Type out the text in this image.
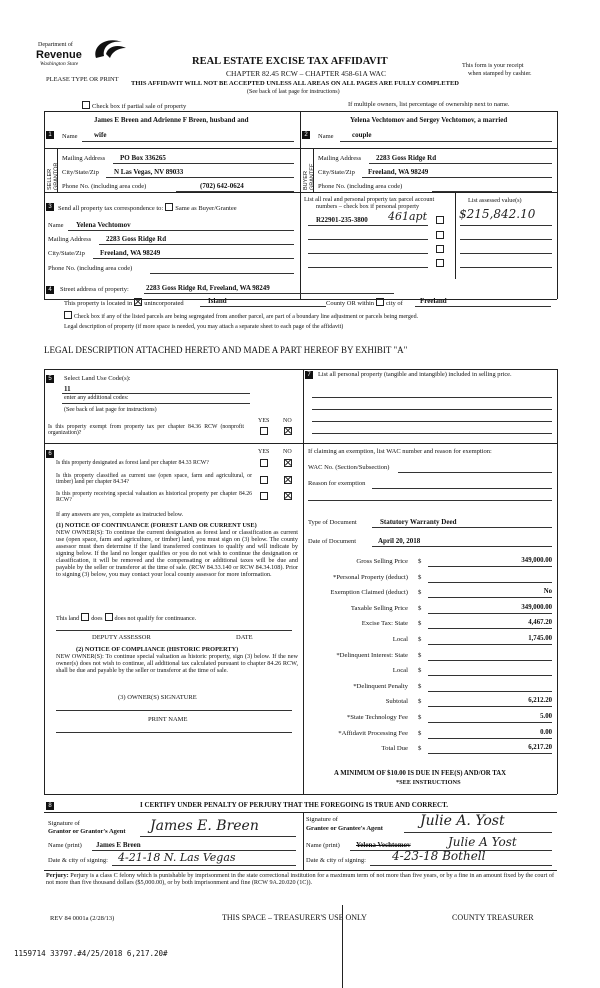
Department of
Revenue
Washington State	REAL ESTATE EXCISE TAX AFFIDAVIT
CHAPTER 82.45 RCW – CHAPTER 458-61A WAC
THIS AFFIDAVIT WILL NOT BE ACCEPTED UNLESS ALL AREAS ON ALL PAGES ARE FULLY COMPLETED
(See back of last page for instructions)
PLEASE TYPE OR PRINT
This form is your receipt
when stamped by cashier.
Check box if partial sale of property	If multiple owners, list percentage of ownership next to name.
1
SELLER GRANTOR
James E Breen and Adrienne F Breen, husband and
Name wife
Mailing Address PO Box 336265
City/State/Zip N Las Vegas, NV 89033
Phone No. (including area code)	(702) 642-0624
2
BUYER GRANTEE
Yelena Vechtomov and Sergey Vechtomov, a married
Name	couple
Mailing Address 2283 Goss Ridge Rd
City/State/Zip Freeland, WA 98249
Phone No. (including area code)
3 Send all property tax correspondence to: Same as Buyer/Grantee
Name Yelena Vechtomov
Mailing Address 2283 Goss Ridge Rd
City/State/Zip Freeland, WA 98249
Phone No. (including area code)
List all real and personal property tax parcel account
numbers – check box if personal property
List assessed value(s)
R22901-235-3800 461apt	$215,842.10
4	Street address of property: 2283 Goss Ridge Rd, Freeland, WA 98249
This property is located in unincorporated	Island	County OR within city of Freeland
Check box if any of the listed parcels are being segregated from another parcel, are part of a boundary line adjustment or parcels being merged.
Legal description of property (if more space is needed, you may attach a separate sheet to each page of the affidavit)
LEGAL DESCRIPTION ATTACHED HERETO AND MADE A PART HEREOF BY EXHIBIT "A"
5	Select Land Use Code(s):
11
enter any additional codes:
(See back of last page for instructions)
YES NO
Is this property exempt from property tax per chapter 84.36 RCW (nonprofit organization)?
6	YES NO
Is this property designated as forest land per chapter 84.33 RCW?
Is this property classified as current use (open space, farm and agricultural, or timber) land per chapter 84.34?
Is this property receiving special valuation as historical property per chapter 84.26 RCW?
If any answers are yes, complete as instructed below.
(1) NOTICE OF CONTINUANCE (FOREST LAND OR CURRENT USE)
NEW OWNER(S): To continue the current designation as forest land or classification as current use (open space, farm and agriculture, or timber) land, you must sign on (3) below. The county assessor must then determine if the land transferred continues to qualify and will indicate by signing below. If the land no longer qualifies or you do not wish to continue the designation or classification, it will be removed and the compensating or additional taxes will be due and payable by the seller or transferor at the time of sale. (RCW 84.33.140 or RCW 84.34.108). Prior to signing (3) below, you may contact your local county assessor for more information.
This land does does not qualify for continuance.
DEPUTY ASSESSOR	DATE
(2) NOTICE OF COMPLIANCE (HISTORIC PROPERTY)
NEW OWNER(S): To continue special valuation as historic property, sign (3) below. If the new owner(s) does not wish to continue, all additional tax calculated pursuant to chapter 84.26 RCW, shall be due and payable by the seller or transferor at the time of sale.
(3) OWNER(S) SIGNATURE
PRINT NAME
7	List all personal property (tangible and intangible) included in selling price.
If claiming an exemption, list WAC number and reason for exemption:
WAC No. (Section/Subsection)
Reason for exemption
Type of Document	Statutory Warranty Deed
Date of Document	April 20, 2018
Gross Selling Price $	349,000.00
*Personal Property (deduct) $
Exemption Claimed (deduct) $	No
Taxable Selling Price $	349,000.00
Excise Tax: State $	4,467.20
Local $	1,745.00
*Delinquent Interest: State $
Local $
*Delinquent Penalty $
Subtotal $	6,212.20
*State Technology Fee $	5.00
*Affidavit Processing Fee $	0.00
Total Due $	6,217.20
A MINIMUM OF $10.00 IS DUE IN FEE(S) AND/OR TAX
*SEE INSTRUCTIONS
8	I CERTIFY UNDER PENALTY OF PERJURY THAT THE FOREGOING IS TRUE AND CORRECT.
Signature of
Grantor or Grantor's Agent James E. Breen
Name (print) James E Breen
Date & city of signing: 4-21-18 N. Las Vegas
Signature of
Grantee or Grantee's Agent	Julie A. Yost
Name (print) Yelena Vechtomov	Julie A Yost
Date & city of signing: 4-23-18 Bothell
Perjury: Perjury is a class C felony which is punishable by imprisonment in the state correctional institution for a maximum term of not more than five years, or by a fine in an amount fixed by the court of not more than five thousand dollars ($5,000.00), or by both imprisonment and fine (RCW 9A.20.020 (1C)).
REV 84 0001a (2/28/13)	THIS SPACE – TREASURER'S USE ONLY	COUNTY TREASURER
1159714 33797.#4/25/2018 6,217.20#
